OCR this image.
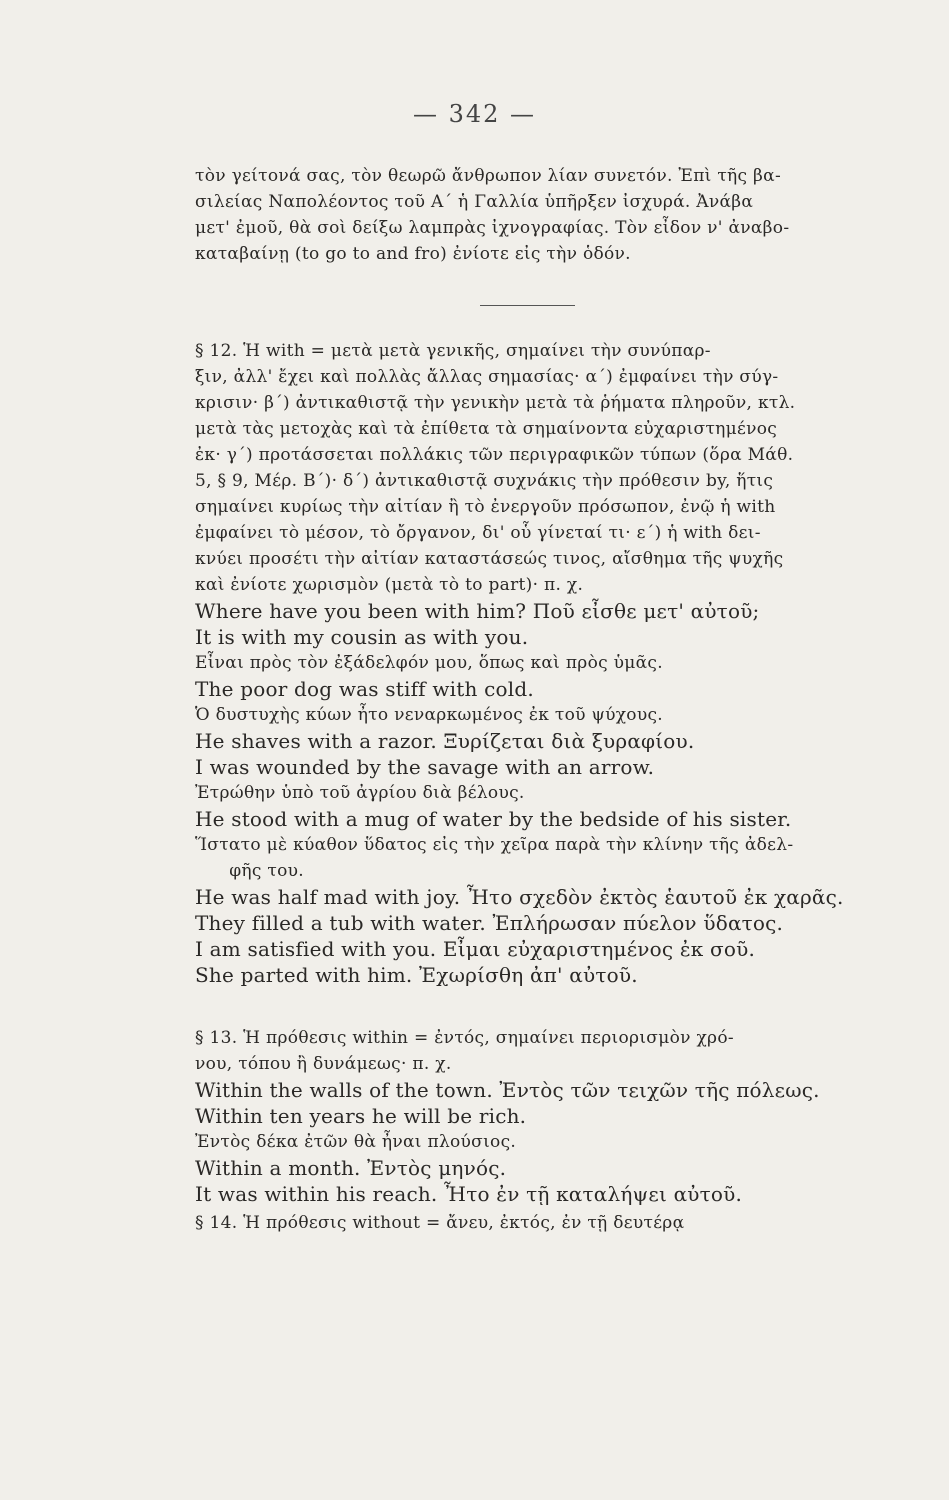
— 342 —
τὸν γείτονά σας, τὸν θεωρῶ ἄνθρωπον λίαν συνετόν. Ἐπὶ τῆς βα-
σιλείας Ναπολέοντος τοῦ Α΄ ἡ Γαλλία ὑπῆρξεν ἰσχυρά. Ἀνάβα
μετ' ἐμοῦ, θὰ σοὶ δείξω λαμπρὰς ἰχνογραφίας. Τὸν εἶδον ν' ἀναβο-
καταβαίνῃ (to go to and fro) ἐνίοτε εἰς τὴν ὁδόν.
§ 12. Ἡ with = μετὰ μετὰ γενικῆς, σημαίνει τὴν συνύπαρ-
ξιν, ἀλλ' ἔχει καὶ πολλὰς ἄλλας σημασίας· α΄) ἐμφαίνει τὴν σύγ-
κρισιν· β΄) ἀντικαθιστᾷ τὴν γενικὴν μετὰ τὰ ῥήματα πληροῦν, κτλ.
μετὰ τὰς μετοχὰς καὶ τὰ ἐπίθετα τὰ σημαίνοντα εὐχαριστημένος
ἐκ· γ΄) προτάσσεται πολλάκις τῶν περιγραφικῶν τύπων (ὅρα Μάθ.
5, § 9, Μέρ. Β΄)· δ΄) ἀντικαθιστᾷ συχνάκις τὴν πρόθεσιν by, ἥτις
σημαίνει κυρίως τὴν αἰτίαν ἢ τὸ ἐνεργοῦν πρόσωπον, ἐνῷ ἡ with
ἐμφαίνει τὸ μέσον, τὸ ὄργανον, δι' οὗ γίνεταί τι· ε΄) ἡ with δει-
κνύει προσέτι τὴν αἰτίαν καταστάσεώς τινος, αἴσθημα τῆς ψυχῆς
καὶ ἐνίοτε χωρισμὸν (μετὰ τὸ to part)· π. χ.
Where have you been with him? Ποῦ εἶσθε μετ' αὐτοῦ;
It is with my cousin as with you.
Εἶναι πρὸς τὸν ἐξάδελφόν μου, ὅπως καὶ πρὸς ὑμᾶς.
The poor dog was stiff with cold.
Ὁ δυστυχὴς κύων ἦτο νεναρκωμένος ἐκ τοῦ ψύχους.
He shaves with a razor. Ξυρίζεται διὰ ξυραφίου.
I was wounded by the savage with an arrow.
Ἐτρώθην ὑπὸ τοῦ ἀγρίου διὰ βέλους.
He stood with a mug of water by the bedside of his sister.
Ἵστατο μὲ κύαθον ὕδατος εἰς τὴν χεῖρα παρὰ τὴν κλίνην τῆς ἀδελ-
φῆς του.
He was half mad with joy. Ἦτο σχεδὸν ἐκτὸς ἑαυτοῦ ἐκ χαρᾶς.
They filled a tub with water. Ἐπλήρωσαν πύελον ὕδατος.
I am satisfied with you. Εἶμαι εὐχαριστημένος ἐκ σοῦ.
She parted with him. Ἐχωρίσθη ἀπ' αὐτοῦ.
§ 13. Ἡ πρόθεσις within = ἐντός, σημαίνει περιορισμὸν χρό-
νου, τόπου ἢ δυνάμεως· π. χ.
Within the walls of the town. Ἐντὸς τῶν τειχῶν τῆς πόλεως.
Within ten years he will be rich.
Ἐντὸς δέκα ἐτῶν θὰ ἦναι πλούσιος.
Within a month. Ἐντὸς μηνός.
It was within his reach. Ἦτο ἐν τῇ καταλήψει αὐτοῦ.
§ 14. Ἡ πρόθεσις without = ἄνευ, ἐκτός, ἐν τῇ δευτέρᾳ
